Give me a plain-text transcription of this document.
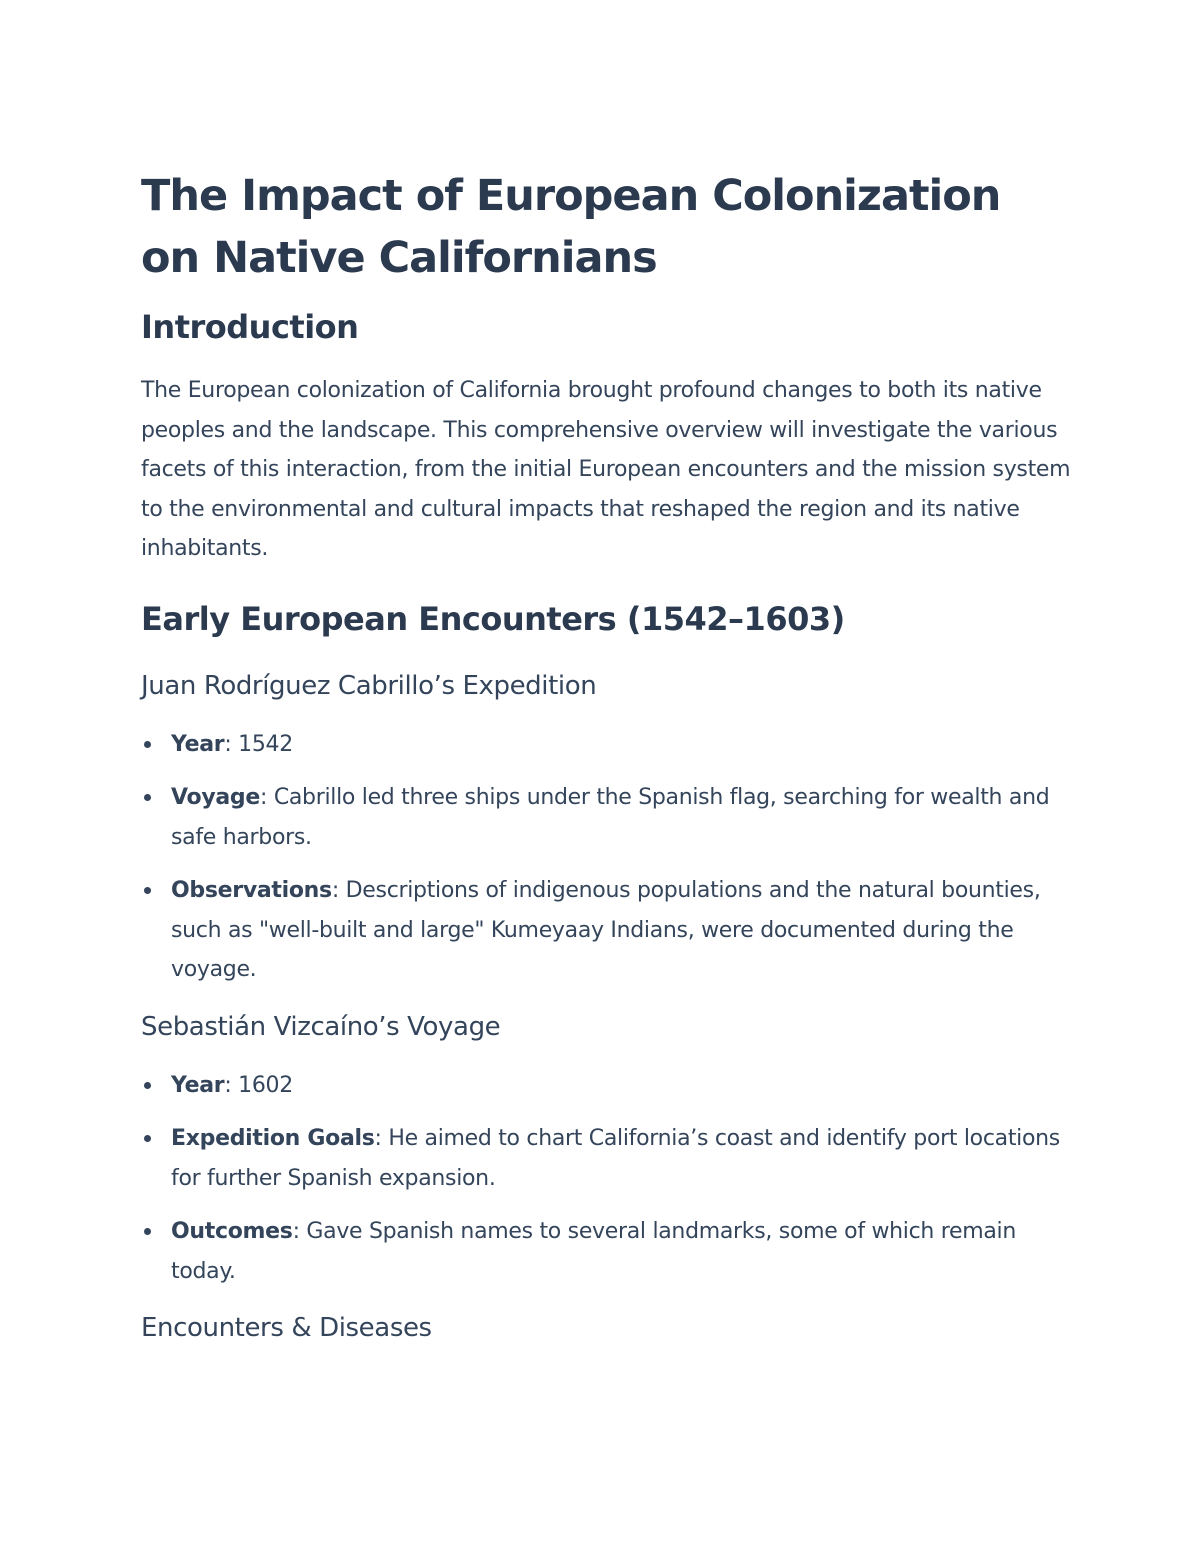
The Impact of European Colonization on Native Californians
Introduction

The European colonization of California brought profound changes to both its native peoples and the landscape. This comprehensive overview will investigate the various facets of this interaction, from the initial European encounters and the mission system to the environmental and cultural impacts that reshaped the region and its native inhabitants.

Early European Encounters (1542–1603)
Juan Rodríguez Cabrillo’s Expedition
Year: 1542
Voyage: Cabrillo led three ships under the Spanish flag, searching for wealth and safe harbors.
Observations: Descriptions of indigenous populations and the natural bounties, such as "well-built and large" Kumeyaay Indians, were documented during the voyage.
Sebastián Vizcaíno’s Voyage
Year: 1602
Expedition Goals: He aimed to chart California’s coast and identify port locations for further Spanish expansion.
Outcomes: Gave Spanish names to several landmarks, some of which remain today.
Encounters & Diseases
